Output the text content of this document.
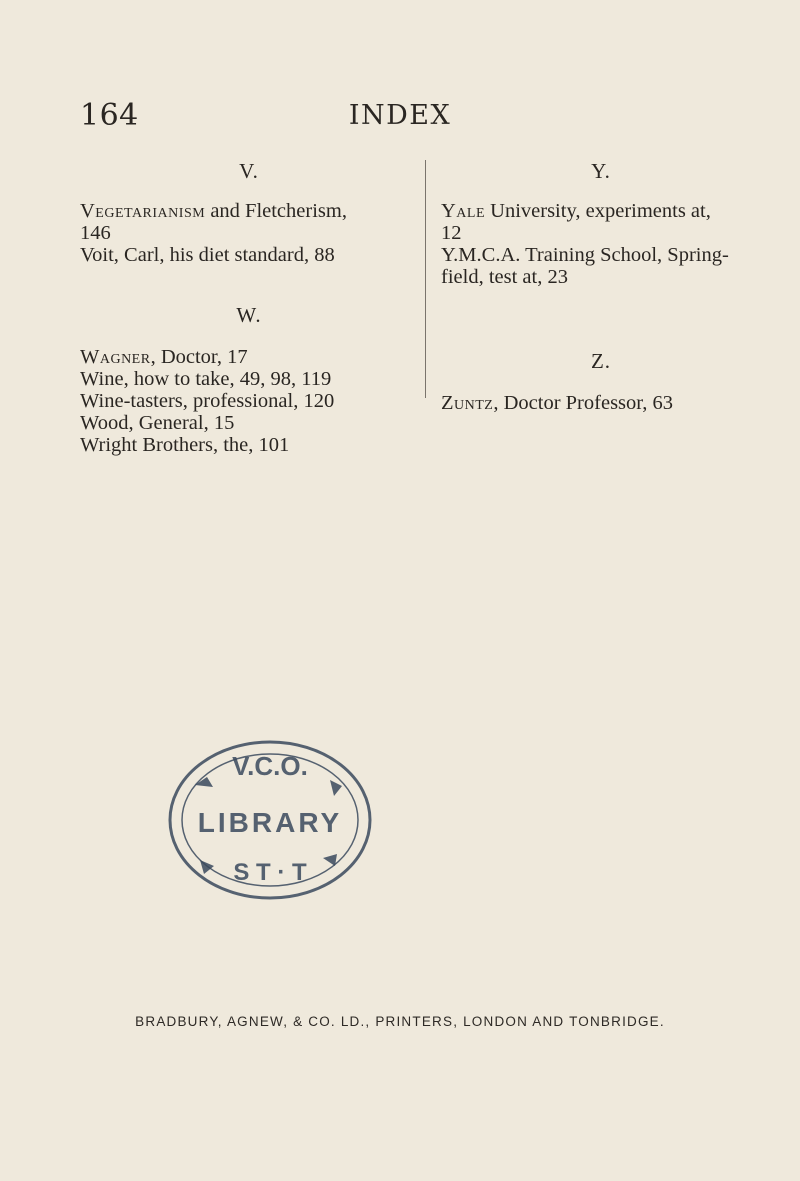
164	INDEX
V.
Vegetarianism and Fletcherism,
146
Voit, Carl, his diet standard, 88
W.
Wagner, Doctor, 17
Wine, how to take, 49, 98, 119
Wine-tasters, professional, 120
Wood, General, 15
Wright Brothers, the, 101
Y.
Yale University, experiments at,
12
Y.M.C.A. Training School, Spring-
field, test at, 23
Z.
Zuntz, Doctor Professor, 63
V.C.O.
LIBRARY
S T · T
BRADBURY, AGNEW, & CO. LD., PRINTERS, LONDON AND TONBRIDGE.
